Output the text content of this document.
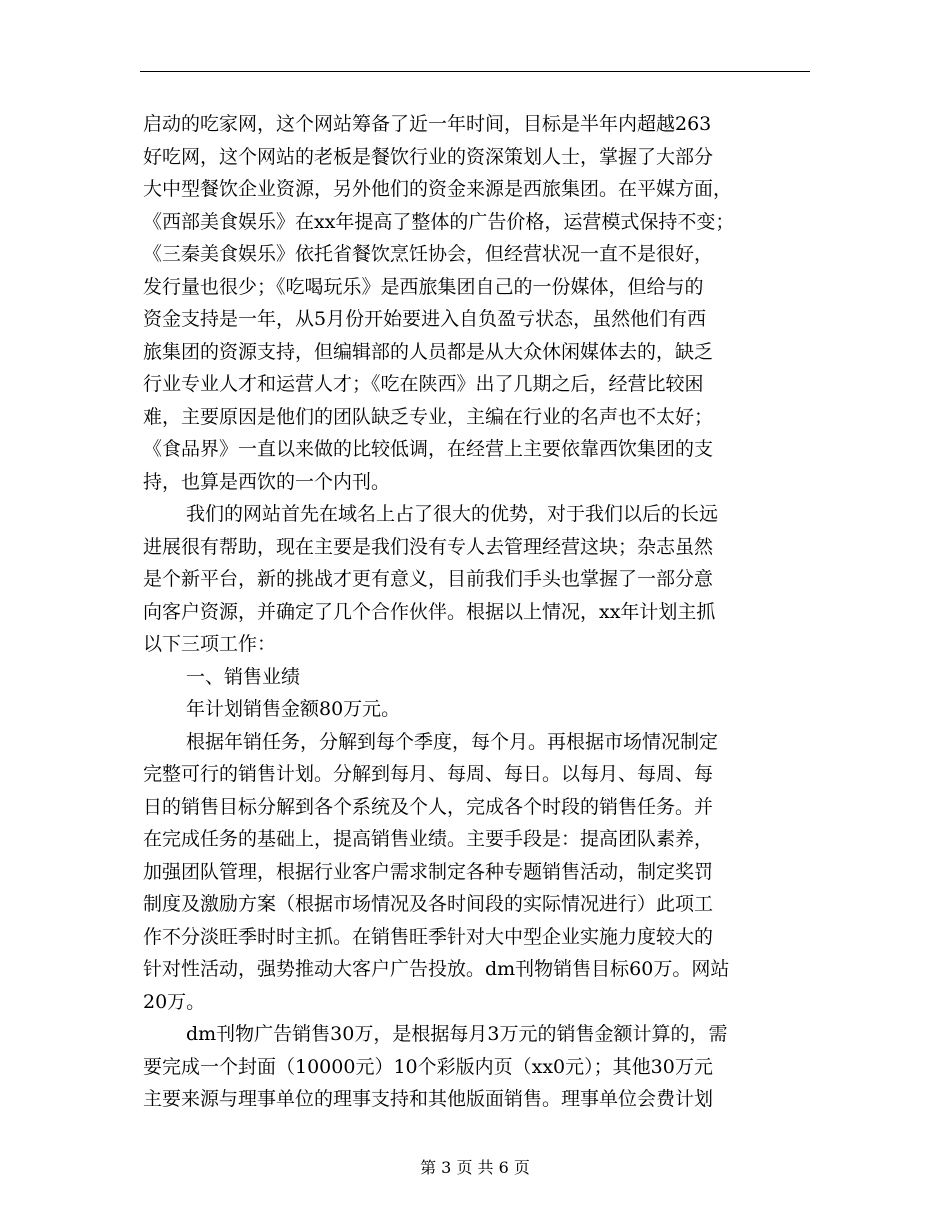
启动的吃家网，这个网站筹备了近一年时间，目标是半年内超越263
好吃网，这个网站的老板是餐饮行业的资深策划人士，掌握了大部分
大中型餐饮企业资源，另外他们的资金来源是西旅集团。在平媒方面，
《西部美食娱乐》在xx年提高了整体的广告价格，运营模式保持不变；
《三秦美食娱乐》依托省餐饮烹饪协会，但经营状况一直不是很好，
发行量也很少；《吃喝玩乐》是西旅集团自己的一份媒体，但给与的
资金支持是一年，从5月份开始要进入自负盈亏状态，虽然他们有西
旅集团的资源支持，但编辑部的人员都是从大众休闲媒体去的，缺乏
行业专业人才和运营人才；《吃在陕西》出了几期之后，经营比较困
难，主要原因是他们的团队缺乏专业，主编在行业的名声也不太好；
《食品界》一直以来做的比较低调，在经营上主要依靠西饮集团的支
持，也算是西饮的一个内刊。
我们的网站首先在域名上占了很大的优势，对于我们以后的长远
进展很有帮助，现在主要是我们没有专人去管理经营这块；杂志虽然
是个新平台，新的挑战才更有意义，目前我们手头也掌握了一部分意
向客户资源，并确定了几个合作伙伴。根据以上情况，xx年计划主抓
以下三项工作：
一、销售业绩
年计划销售金额80万元。
根据年销任务，分解到每个季度，每个月。再根据市场情况制定
完整可行的销售计划。分解到每月、每周、每日。以每月、每周、每
日的销售目标分解到各个系统及个人，完成各个时段的销售任务。并
在完成任务的基础上，提高销售业绩。主要手段是：提高团队素养，
加强团队管理，根据行业客户需求制定各种专题销售活动，制定奖罚
制度及激励方案（根据市场情况及各时间段的实际情况进行）此项工
作不分淡旺季时时主抓。在销售旺季针对大中型企业实施力度较大的
针对性活动，强势推动大客户广告投放。dm刊物销售目标60万。网站
20万。
dm刊物广告销售30万，是根据每月3万元的销售金额计算的，需
要完成一个封面（10000元）10个彩版内页（xx0元）；其他30万元
主要来源与理事单位的理事支持和其他版面销售。理事单位会费计划
第 3 页 共 6 页
